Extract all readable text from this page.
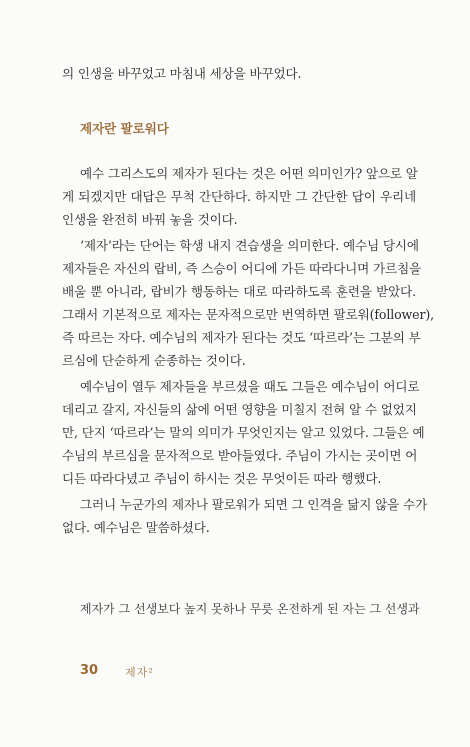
의 인생을 바꾸었고 마침내 세상을 바꾸었다.
제자란 팔로워다
예수 그리스도의 제자가 된다는 것은 어떤 의미인가? 앞으로 알
게 되겠지만 대답은 무척 간단하다. 하지만 그 간단한 답이 우리네
인생을 완전히 바꿔 놓을 것이다.
‘제자’라는 단어는 학생 내지 견습생을 의미한다. 예수님 당시에
제자들은 자신의 랍비, 즉 스승이 어디에 가든 따라다니며 가르침을
배울 뿐 아니라, 랍비가 행동하는 대로 따라하도록 훈련을 받았다.
그래서 기본적으로 제자는 문자적으로만 번역하면 팔로워(follower),
즉 따르는 자다. 예수님의 제자가 된다는 것도 ‘따르라’는 그분의 부
르심에 단순하게 순종하는 것이다.
예수님이 열두 제자들을 부르셨을 때도 그들은 예수님이 어디로
데리고 갈지, 자신들의 삶에 어떤 영향을 미칠지 전혀 알 수 없었지
만, 단지 ‘따르라’는 말의 의미가 무엇인지는 알고 있었다. 그들은 예
수님의 부르심을 문자적으로 받아들였다. 주님이 가시는 곳이면 어
디든 따라다녔고 주님이 하시는 것은 무엇이든 따라 행했다.
그러니 누군가의 제자나 팔로워가 되면 그 인격을 닮지 않을 수가
없다. 예수님은 말씀하셨다.
제자가 그 선생보다 높지 못하나 무릇 온전하게 된 자는 그 선생과
30 제자²
